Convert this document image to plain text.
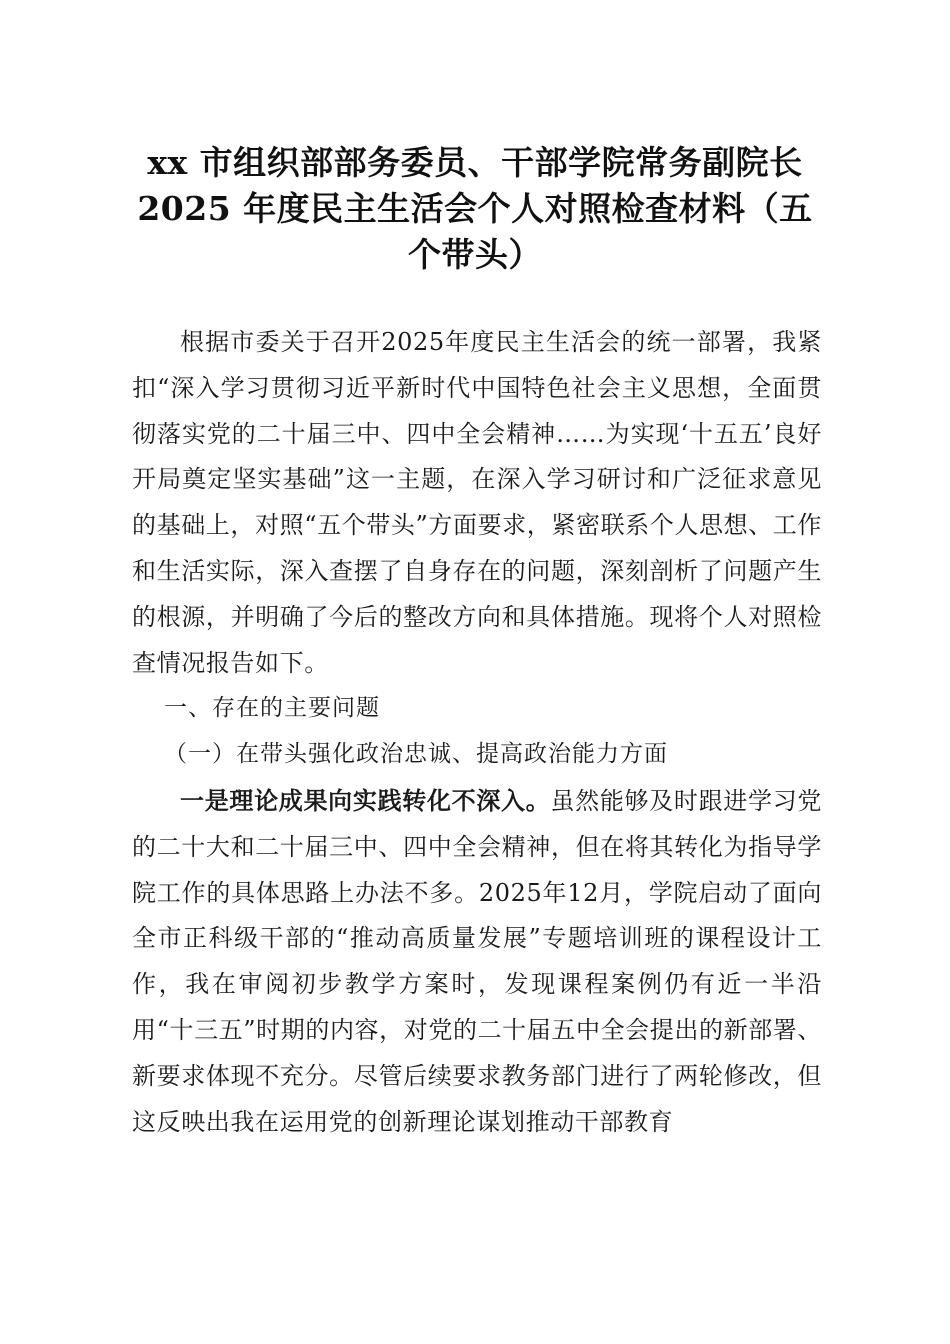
xx 市组织部部务委员、干部学院常务副院长
2025 年度民主生活会个人对照检查材料（五
个带头）

根据市委关于召开2025年度民主生活会的统一部署，我紧扣“深入学习贯彻习近平新时代中国特色社会主义思想，全面贯彻落实党的二十届三中、四中全会精神……为实现‘十五五’良好开局奠定坚实基础”这一主题，在深入学习研讨和广泛征求意见的基础上，对照“五个带头”方面要求，紧密联系个人思想、工作和生活实际，深入查摆了自身存在的问题，深刻剖析了问题产生的根源，并明确了今后的整改方向和具体措施。现将个人对照检查情况报告如下。

一、存在的主要问题

（一）在带头强化政治忠诚、提高政治能力方面

一是理论成果向实践转化不深入。虽然能够及时跟进学习党的二十大和二十届三中、四中全会精神，但在将其转化为指导学院工作的具体思路上办法不多。2025年12月，学院启动了面向全市正科级干部的“推动高质量发展”专题培训班的课程设计工作，我在审阅初步教学方案时，发现课程案例仍有近一半沿用“十三五”时期的内容，对党的二十届五中全会提出的新部署、新要求体现不充分。尽管后续要求教务部门进行了两轮修改，但这反映出我在运用党的创新理论谋划推动干部教育
